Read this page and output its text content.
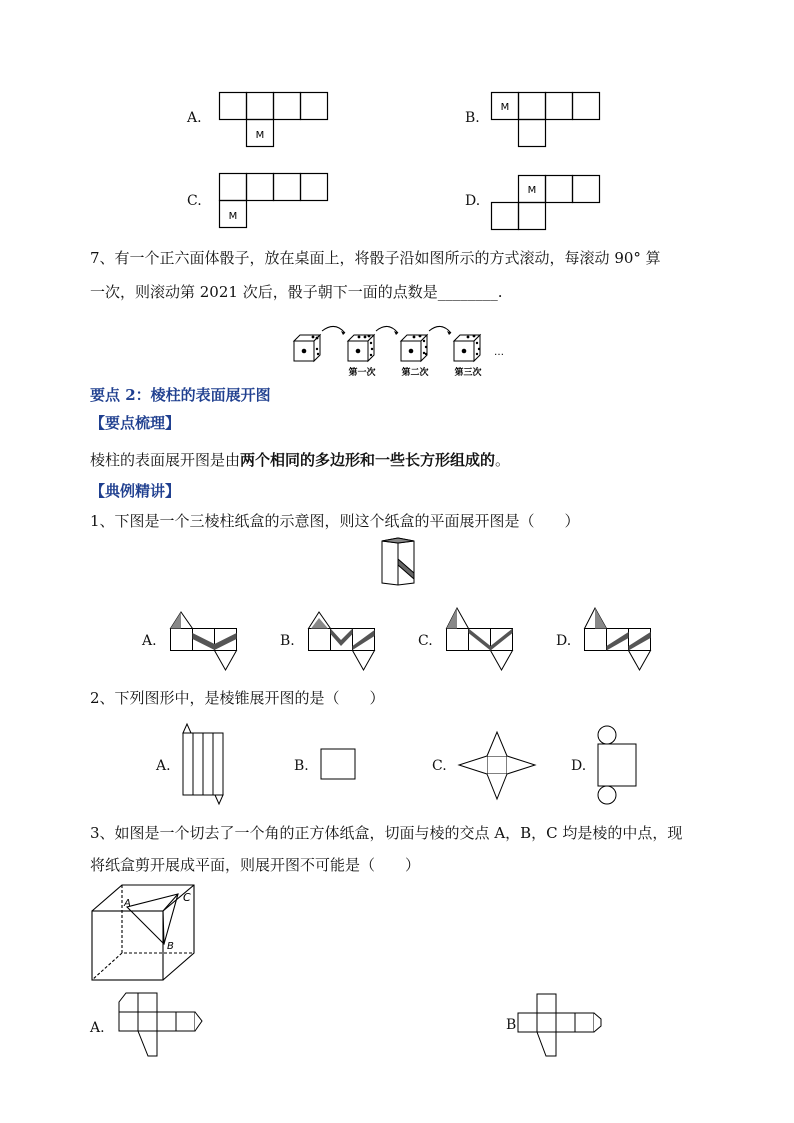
A.
M
B.
M
C.
M
D.
M
7、有一个正六面体骰子，放在桌面上，将骰子沿如图所示的方式滚动，每滚动 90° 算
一次，则滚动第 2021 次后，骰子朝下一面的点数是________.
…
第一次	第二次	第三次
要点 2：棱柱的表面展开图
【要点梳理】
棱柱的表面展开图是由两个相同的多边形和一些长方形组成的。
【典例精讲】
1、下图是一个三棱柱纸盒的示意图，则这个纸盒的平面展开图是（　　）
A.	B.	C.	D.
2、下列图形中，是棱锥展开图的是（　　）
A.	B.	C.	D.
3、如图是一个切去了一个角的正方体纸盒，切面与棱的交点 A，B，C 均是棱的中点，现
将纸盒剪开展成平面，则展开图不可能是（　　）
A
B
C
A.	B
